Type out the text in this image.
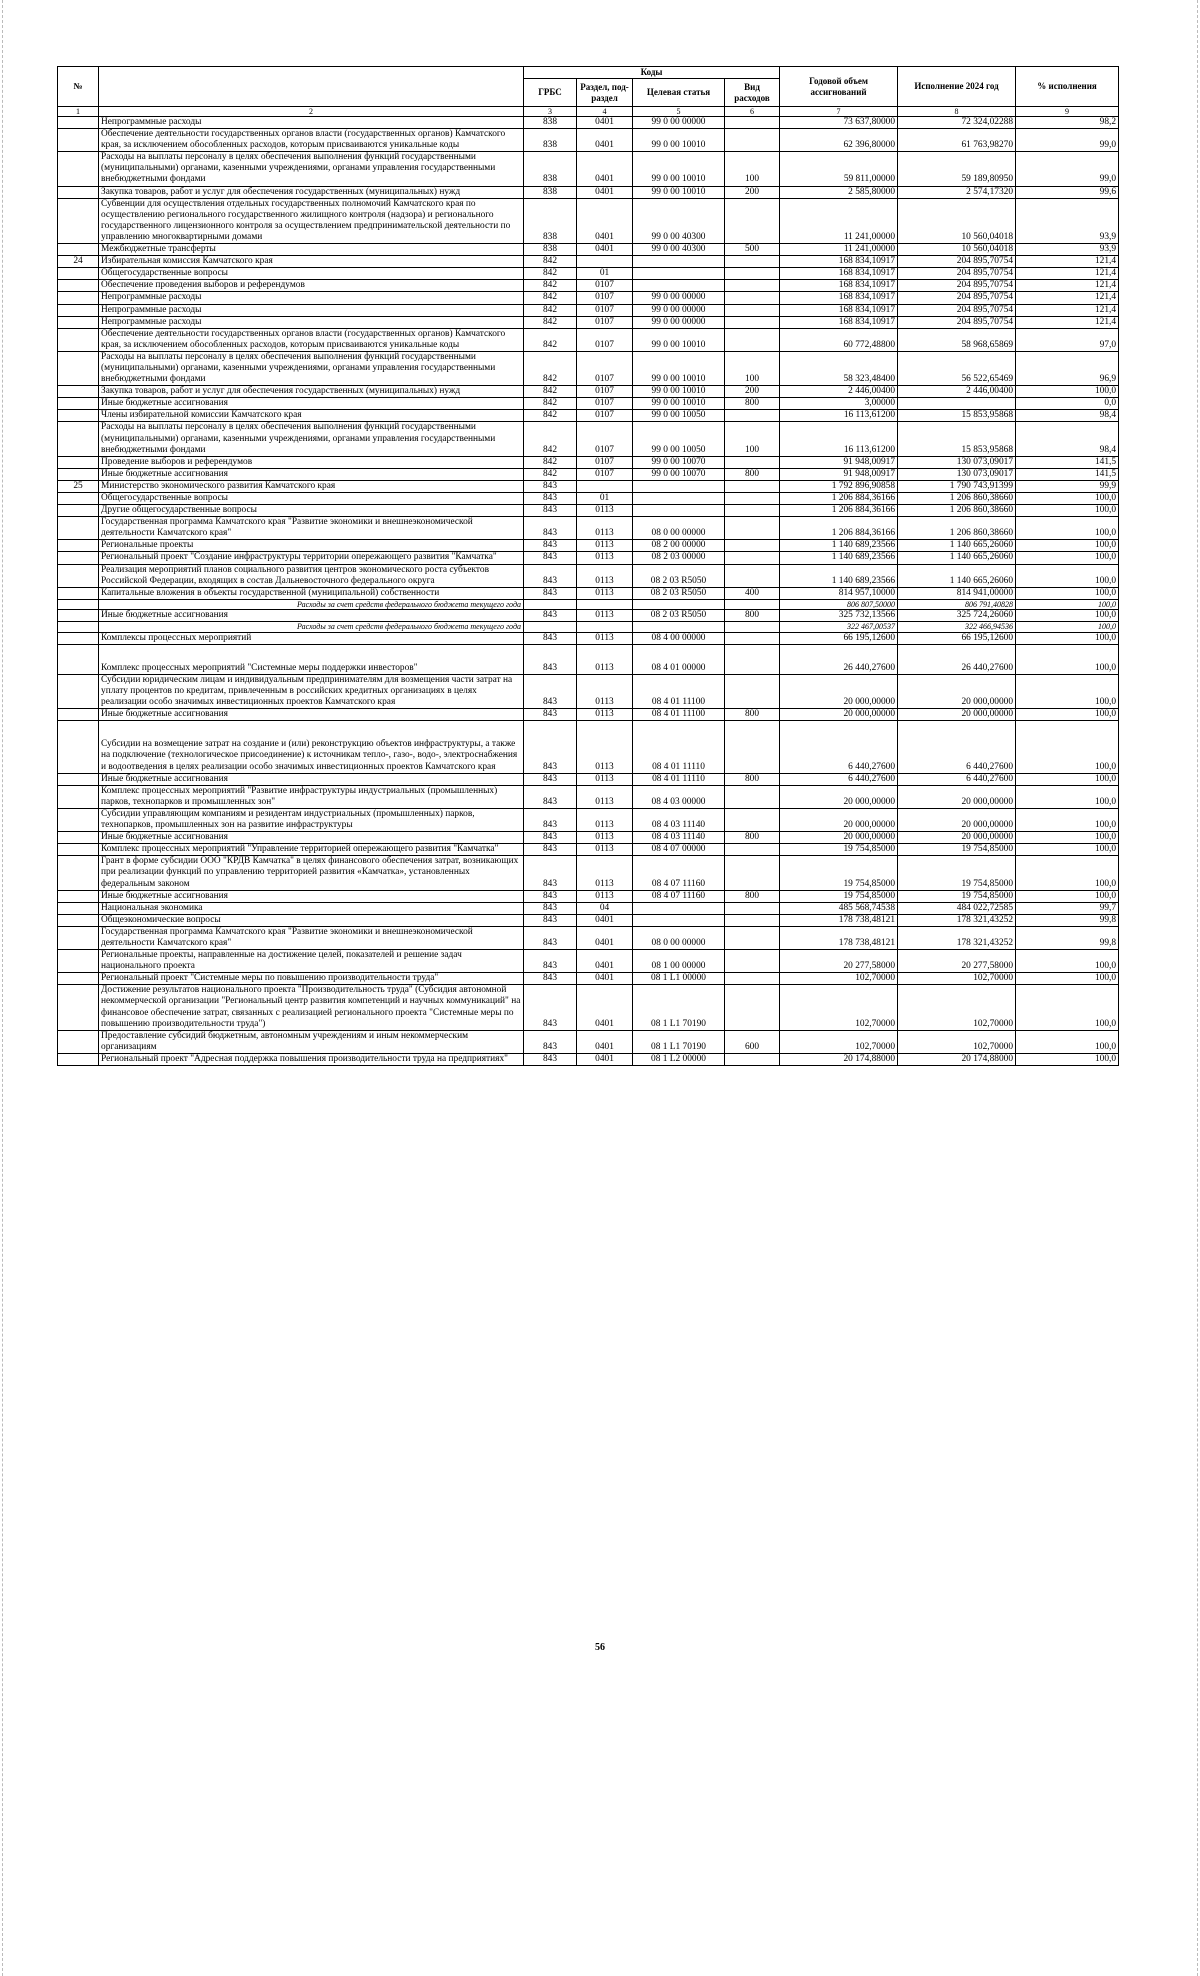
№		Коды				Годовой объем ассигнований	Исполнение 2024 год	% исполнения
		ГРБС	Раздел, под-раздел	Целевая статья	Вид расходов			
1	2	3	4	5	6	7	8	9
	Непрограммные расходы	838	0401	99 0 00 00000		73 637,80000	72 324,02288	98,2
	Обеспечение деятельности государственных органов власти (государственных органов) Камчатского края, за исключением обособленных расходов, которым присваиваются уникальные коды	838	0401	99 0 00 10010		62 396,80000	61 763,98270	99,0
	Расходы на выплаты персоналу в целях обеспечения выполнения функций государственными (муниципальными) органами, казенными учреждениями, органами управления государственными внебюджетными фондами	838	0401	99 0 00 10010	100	59 811,00000	59 189,80950	99,0
	Закупка товаров, работ и услуг для обеспечения государственных (муниципальных) нужд	838	0401	99 0 00 10010	200	2 585,80000	2 574,17320	99,6
	Субвенции для осуществления отдельных государственных полномочий Камчатского края по осуществлению регионального государственного жилищного контроля (надзора) и регионального государственного лицензионного контроля за осуществлением предпринимательской деятельности по управлению многоквартирными домами	838	0401	99 0 00 40300		11 241,00000	10 560,04018	93,9
	Межбюджетные трансферты	838	0401	99 0 00 40300	500	11 241,00000	10 560,04018	93,9
24	Избирательная комиссия Камчатского края	842				168 834,10917	204 895,70754	121,4
	Общегосударственные вопросы	842	01			168 834,10917	204 895,70754	121,4
	Обеспечение проведения выборов и референдумов	842	0107			168 834,10917	204 895,70754	121,4
	Непрограммные расходы	842	0107	99 0 00 00000		168 834,10917	204 895,70754	121,4
	Непрограммные расходы	842	0107	99 0 00 00000		168 834,10917	204 895,70754	121,4
	Непрограммные расходы	842	0107	99 0 00 00000		168 834,10917	204 895,70754	121,4
	Обеспечение деятельности государственных органов власти (государственных органов) Камчатского края, за исключением обособленных расходов, которым присваиваются уникальные коды	842	0107	99 0 00 10010		60 772,48800	58 968,65869	97,0
	Расходы на выплаты персоналу в целях обеспечения выполнения функций государственными (муниципальными) органами, казенными учреждениями, органами управления государственными внебюджетными фондами	842	0107	99 0 00 10010	100	58 323,48400	56 522,65469	96,9
	Закупка товаров, работ и услуг для обеспечения государственных (муниципальных) нужд	842	0107	99 0 00 10010	200	2 446,00400	2 446,00400	100,0
	Иные бюджетные ассигнования	842	0107	99 0 00 10010	800	3,00000		0,0
	Члены избирательной комиссии Камчатского края	842	0107	99 0 00 10050		16 113,61200	15 853,95868	98,4
	Расходы на выплаты персоналу в целях обеспечения выполнения функций государственными (муниципальными) органами, казенными учреждениями, органами управления государственными внебюджетными фондами	842	0107	99 0 00 10050	100	16 113,61200	15 853,95868	98,4
	Проведение выборов и референдумов	842	0107	99 0 00 10070		91 948,00917	130 073,09017	141,5
	Иные бюджетные ассигнования	842	0107	99 0 00 10070	800	91 948,00917	130 073,09017	141,5
25	Министерство экономического развития Камчатского края	843				1 792 896,90858	1 790 743,91399	99,9
	Общегосударственные вопросы	843	01			1 206 884,36166	1 206 860,38660	100,0
	Другие общегосударственные вопросы	843	0113			1 206 884,36166	1 206 860,38660	100,0
	Государственная программа Камчатского края "Развитие экономики и внешнеэкономической деятельности Камчатского края"	843	0113	08 0 00 00000		1 206 884,36166	1 206 860,38660	100,0
	Региональные проекты	843	0113	08 2 00 00000		1 140 689,23566	1 140 665,26060	100,0
	Региональный проект "Создание инфраструктуры территории опережающего развития "Камчатка"	843	0113	08 2 03 00000		1 140 689,23566	1 140 665,26060	100,0
	Реализация мероприятий планов социального развития центров экономического роста субъектов Российской Федерации, входящих в состав Дальневосточного федерального округа	843	0113	08 2 03 R5050		1 140 689,23566	1 140 665,26060	100,0
	Капитальные вложения в объекты государственной (муниципальной) собственности	843	0113	08 2 03 R5050	400	814 957,10000	814 941,00000	100,0
	Расходы за счет средств федерального бюджета текущего года					806 807,50000	806 791,40828	100,0
	Иные бюджетные ассигнования	843	0113	08 2 03 R5050	800	325 732,13566	325 724,26060	100,0
	Расходы за счет средств федерального бюджета текущего года					322 467,00537	322 466,94536	100,0
	Комплексы процессных мероприятий	843	0113	08 4 00 00000		66 195,12600	66 195,12600	100,0
	Комплекс процессных мероприятий "Системные меры поддержки инвесторов"	843	0113	08 4 01 00000		26 440,27600	26 440,27600	100,0
	Субсидии юридическим лицам и индивидуальным предпринимателям для возмещения части затрат на уплату процентов по кредитам, привлеченным в российских кредитных организациях в целях реализации особо значимых инвестиционных проектов Камчатского края	843	0113	08 4 01 11100		20 000,00000	20 000,00000	100,0
	Иные бюджетные ассигнования	843	0113	08 4 01 11100	800	20 000,00000	20 000,00000	100,0
	Субсидии на возмещение затрат на создание и (или) реконструкцию объектов инфраструктуры, а также на подключение (технологическое присоединение) к источникам тепло-, газо-, водо-, электроснабжения и водоотведения в целях реализации особо значимых инвестиционных проектов Камчатского края	843	0113	08 4 01 11110		6 440,27600	6 440,27600	100,0
	Иные бюджетные ассигнования	843	0113	08 4 01 11110	800	6 440,27600	6 440,27600	100,0
	Комплекс процессных мероприятий "Развитие инфраструктуры индустриальных (промышленных) парков, технопарков и промышленных зон"	843	0113	08 4 03 00000		20 000,00000	20 000,00000	100,0
	Субсидии управляющим компаниям и резидентам индустриальных (промышленных) парков, технопарков, промышленных зон на развитие инфраструктуры	843	0113	08 4 03 11140		20 000,00000	20 000,00000	100,0
	Иные бюджетные ассигнования	843	0113	08 4 03 11140	800	20 000,00000	20 000,00000	100,0
	Комплекс процессных мероприятий "Управление территорией опережающего развития "Камчатка"	843	0113	08 4 07 00000		19 754,85000	19 754,85000	100,0
	Грант в форме субсидии ООО "КРДВ Камчатка" в целях финансового обеспечения затрат, возникающих при реализации функций по управлению территорией развития «Камчатка», установленных федеральным законом	843	0113	08 4 07 11160		19 754,85000	19 754,85000	100,0
	Иные бюджетные ассигнования	843	0113	08 4 07 11160	800	19 754,85000	19 754,85000	100,0
	Национальная экономика	843	04			485 568,74538	484 022,72585	99,7
	Общеэкономические вопросы	843	0401			178 738,48121	178 321,43252	99,8
	Государственная программа Камчатского края "Развитие экономики и внешнеэкономической деятельности Камчатского края"	843	0401	08 0 00 00000		178 738,48121	178 321,43252	99,8
	Региональные проекты, направленные на достижение целей, показателей и решение задач национального проекта	843	0401	08 1 00 00000		20 277,58000	20 277,58000	100,0
	Региональный проект "Системные меры по повышению производительности труда"	843	0401	08 1 L1 00000		102,70000	102,70000	100,0
	Достижение результатов национального проекта "Производительность труда" (Субсидия автономной некоммерческой организации "Региональный центр развития компетенций и научных коммуникаций" на финансовое обеспечение затрат, связанных с реализацией регионального проекта "Системные меры по повышению производительности труда")	843	0401	08 1 L1 70190		102,70000	102,70000	100,0
	Предоставление субсидий бюджетным, автономным учреждениям и иным некоммерческим организациям	843	0401	08 1 L1 70190	600	102,70000	102,70000	100,0
	Региональный проект "Адресная поддержка повышения производительности труда на предприятиях"	843	0401	08 1 L2 00000		20 174,88000	20 174,88000	100,0
56
